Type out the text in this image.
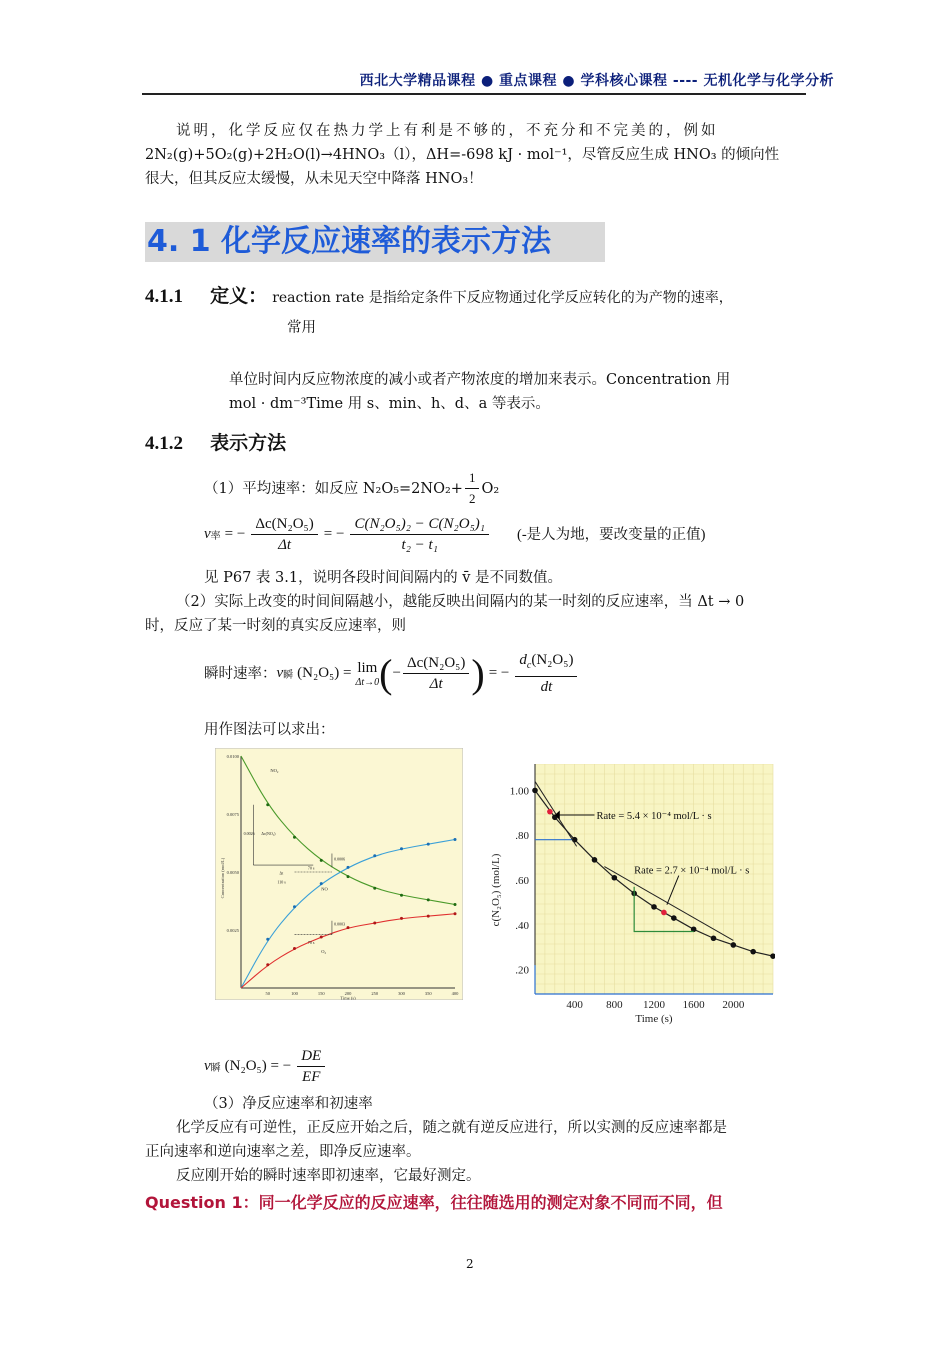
西北大学精品课程 ● 重点课程 ● 学科核心课程 ---- 无机化学与化学分析
说明，化学反应仅在热力学上有利是不够的，不充分和不完美的，例如
2N₂(g)+5O₂(g)+2H₂O(l)→4HNO₃（l），ΔH=-698 kJ · mol⁻¹，尽管反应生成 HNO₃ 的倾向性
很大，但其反应太缓慢，从未见天空中降落 HNO₃！
4. 1 化学反应速率的表示方法
4.1.1 定义： reaction rate 是指给定条件下反应物通过化学反应转化的为产物的速率，
常用
单位时间内反应物浓度的减小或者产物浓度的增加来表示。Concentration 用
mol · dm⁻³Time 用 s、min、h、d、a 等表示。
4.1.2 表示方法
（1）平均速率：如反应 $N_2O_5=2NO_2+ \frac{1}{2} O_2$
v 率 = − $\frac{\text{Δc(N₂O₅)}}{\Delta t}$ = − $\frac{\text{C(N₂O₅)₂ − C(N₂O₅)₁}}{\text{t₂ − t₁}}$ (-是人为地，要改变量的正值)
见 P67 表 3.1，说明各段时间间隔内的 v̄ 是不同数值。
（2）实际上改变的时间间隔越小，越能反映出间隔内的某一时刻的反应速率，当 Δt → 0
时，反应了某一时刻的真实反应速率，则
瞬时速率： v 瞬 (N₂O₅) = lim
Δt→0 ( − $\frac{\text{Δc(N₂O₅)}}{\Delta t}$ ) = − $\frac{d_c(N_2O_5)}{dt}$
用作图法可以求出：
0.0100
0.0075
0.0050
0.0025
50	100	150	200	250	300	350	400
Time (s)
Concentration (mol/L)
NO₂
NO
O₂
0.0026 Δc(NO₂)
Δt
110 s
70 s
0.0006
70 s
0.0003
1.00
.80
.60
.40
.20
400 800 1200 1600 2000
Time (s)
c(N₂O₅) (mol/L)
Rate = 5.4 × 10⁻⁴ mol/L · s
Rate = 2.7 × 10⁻⁴ mol/L · s
v 瞬 (N₂O₅) = − $\frac{DE}{EF}$
（3）净反应速率和初速率
化学反应有可逆性，正反应开始之后，随之就有逆反应进行，所以实测的反应速率都是
正向速率和逆向速率之差，即净反应速率。
反应刚开始的瞬时速率即初速率，它最好测定。
Question 1：同一化学反应的反应速率，往往随选用的测定对象不同而不同，但
2
